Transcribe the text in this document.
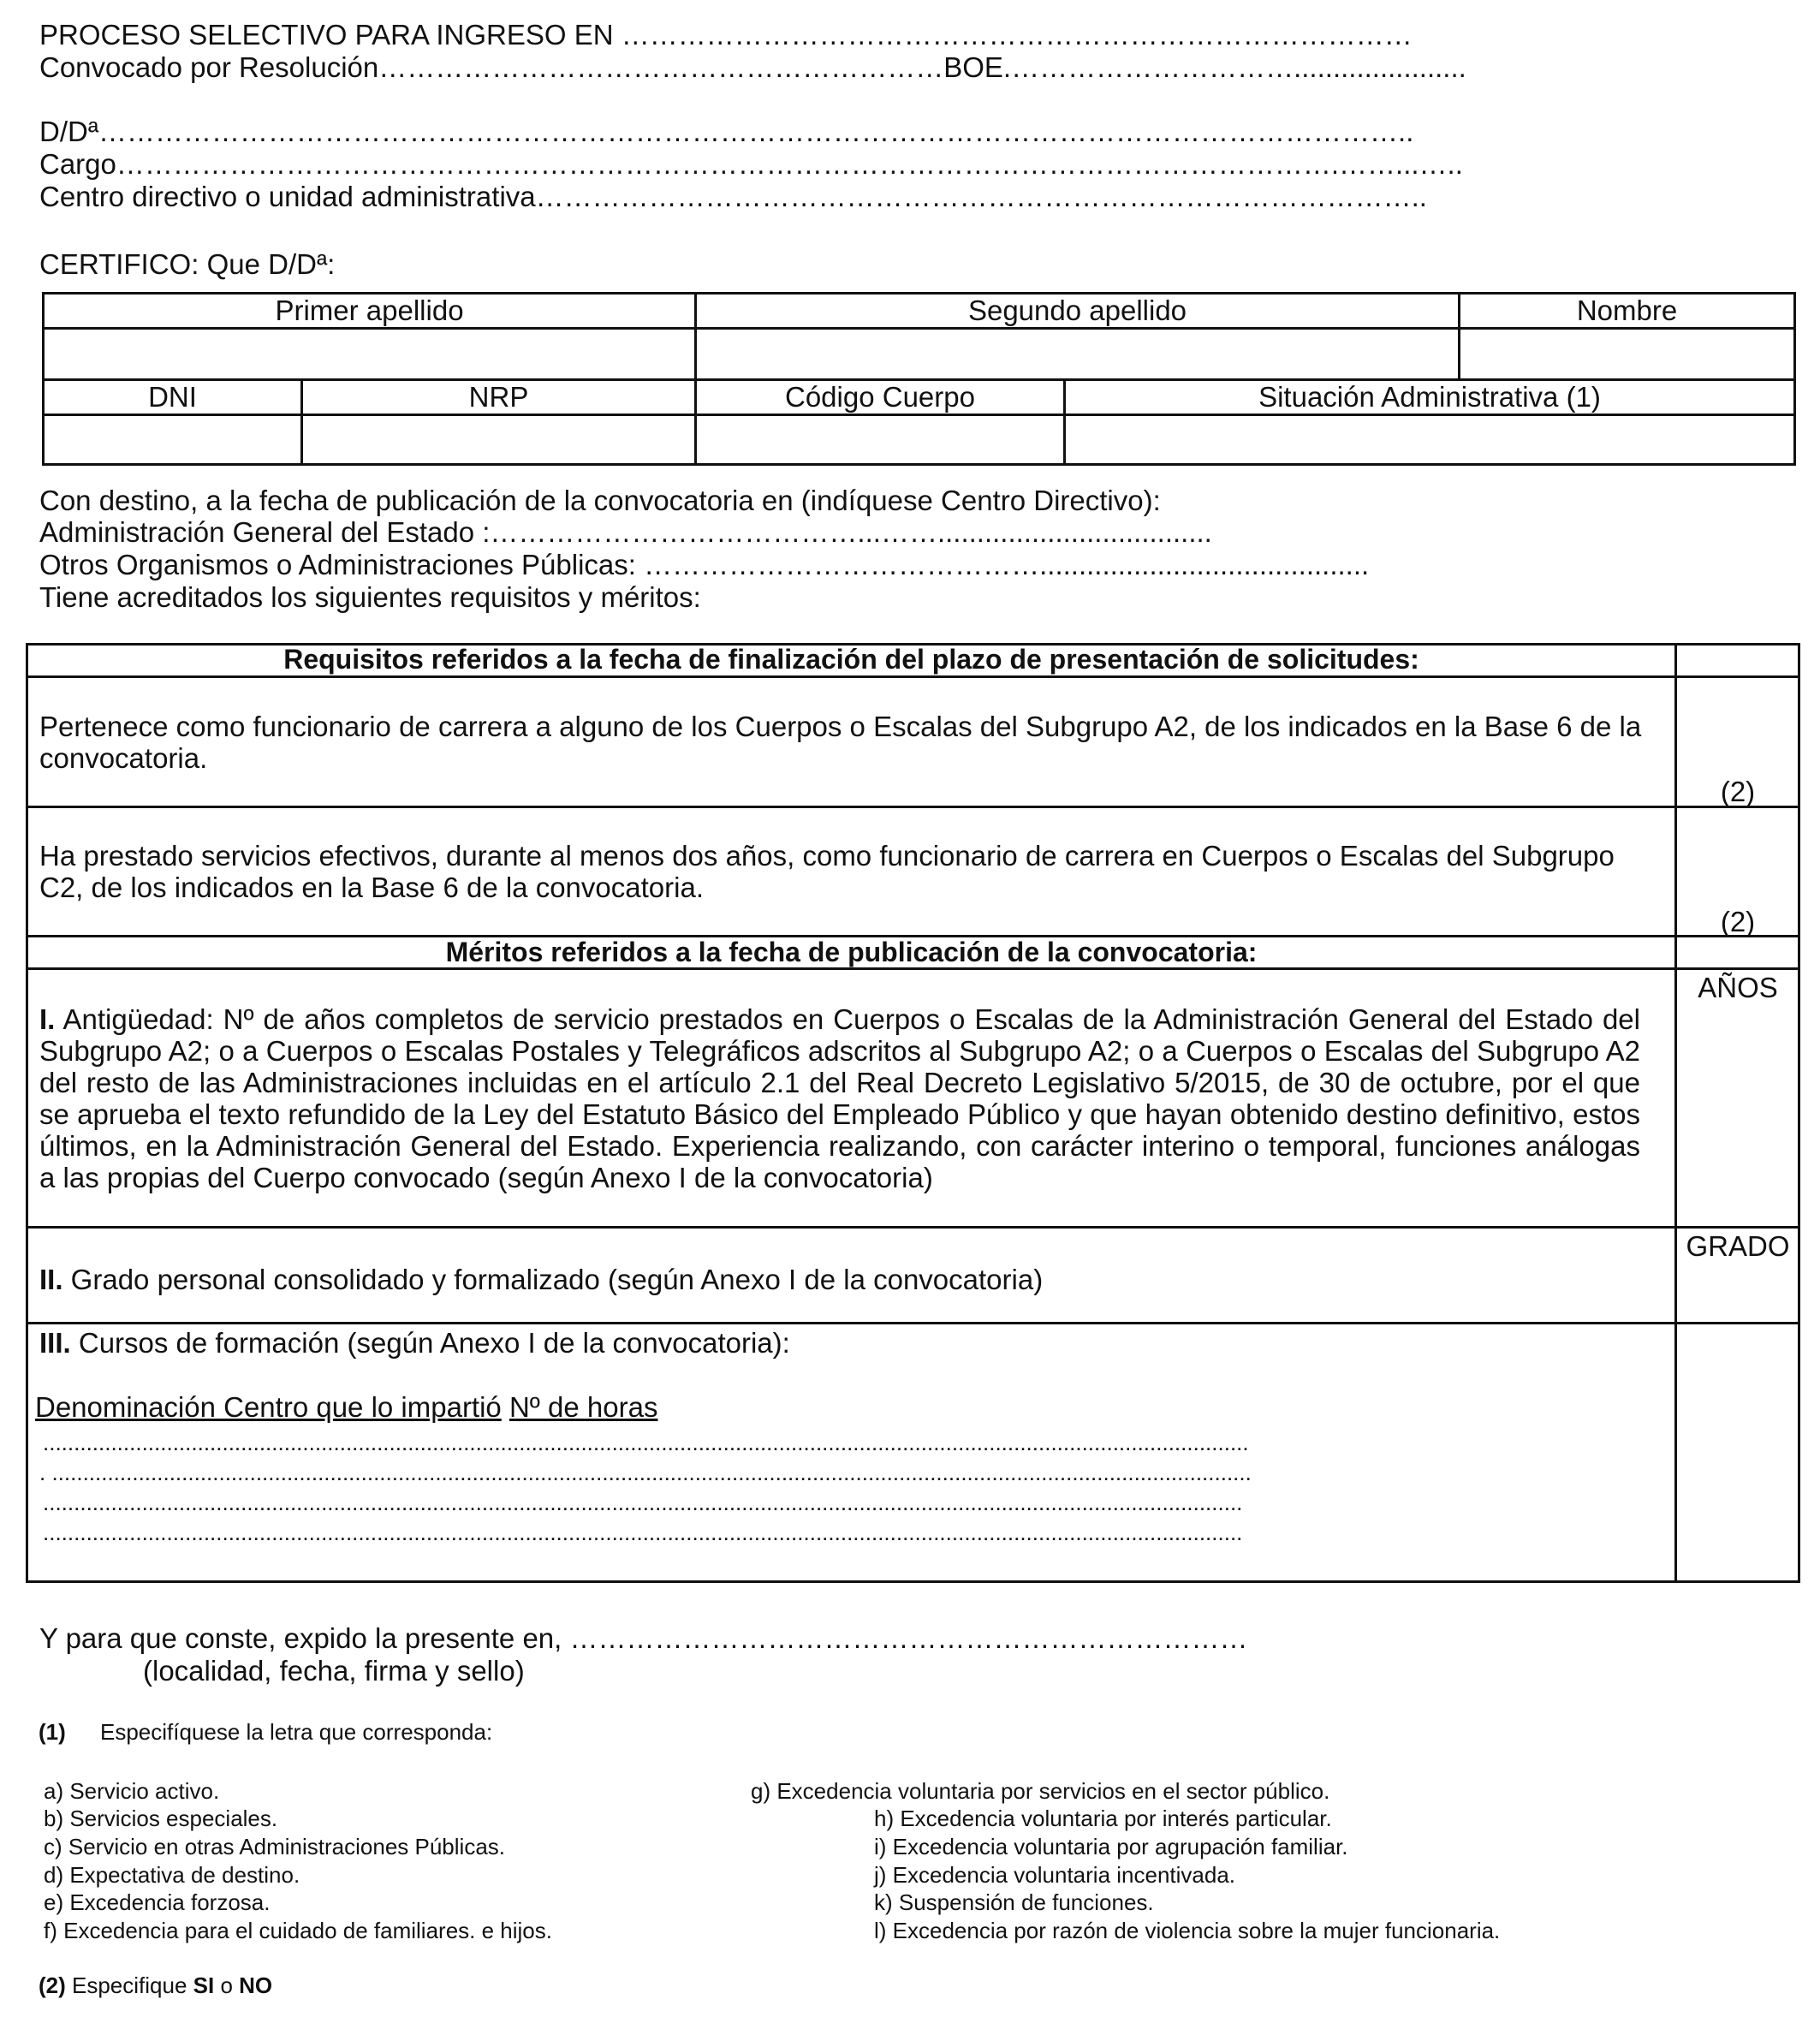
PROCESO SELECTIVO PARA INGRESO EN …………………………………………………………………………
Convocado por Resolución……………………………………………………BOE.…………………………......................
D/Dª…………………………………………………………………………………………………………………………..
Cargo………………………………………………………………………………………………………………….……...…..
Centro directivo o unidad administrativa…………………………………………………………………………………..
CERTIFICO: Que D/Dª:
Primer apellido		Segundo apellido		Nombre

DNI	NRP	Código Cuerpo	Situación Administrativa (1)	

Con destino, a la fecha de publicación de la convocatoria en (indíquese Centro Directivo):
Administración General del Estado :…………………………………...……...................................
Otros Organismos o Administraciones Públicas: ……………………………………..........................................
Tiene acreditados los siguientes requisitos y méritos:
Requisitos referidos a la fecha de finalización del plazo de presentación de solicitudes:
Pertenece como funcionario de carrera a alguno de los Cuerpos o Escalas del Subgrupo A2, de los indicados en la Base 6 de la convocatoria.
(2)
Ha prestado servicios efectivos, durante al menos dos años, como funcionario de carrera en Cuerpos o Escalas del Subgrupo C2, de los indicados en la Base 6 de la convocatoria.
(2)
Méritos referidos a la fecha de publicación de la convocatoria:
I. Antigüedad: Nº de años completos de servicio prestados en Cuerpos o Escalas de la Administración General del Estado del Subgrupo A2; o a Cuerpos o Escalas Postales y Telegráficos adscritos al Subgrupo A2; o a Cuerpos o Escalas del Subgrupo A2 del resto de las Administraciones incluidas en el artículo 2.1 del Real Decreto Legislativo 5/2015, de 30 de octubre, por el que se aprueba el texto refundido de la Ley del Estatuto Básico del Empleado Público y que hayan obtenido destino definitivo, estos últimos, en la Administración General del Estado. Experiencia realizando, con carácter interino o temporal, funciones análogas a las propias del Cuerpo convocado (según Anexo I de la convocatoria)
AÑOS
II. Grado personal consolidado y formalizado (según Anexo I de la convocatoria)
GRADO
III. Cursos de formación (según Anexo I de la convocatoria):
Denominación Centro que lo impartió Nº de horas
...................................................................................................................................................................................................
. ..................................................................................................................................................................................................
..................................................................................................................................................................................................
..................................................................................................................................................................................................
Y para que conste, expido la presente en, ………………………………………………………………
(localidad, fecha, firma y sello)
(1) Especifíquese la letra que corresponda:
a) Servicio activo.
b) Servicios especiales.
c) Servicio en otras Administraciones Públicas.
d) Expectativa de destino.
e) Excedencia forzosa.
f) Excedencia para el cuidado de familiares. e hijos.
g) Excedencia voluntaria por servicios en el sector público.
h) Excedencia voluntaria por interés particular.
i) Excedencia voluntaria por agrupación familiar.
j) Excedencia voluntaria incentivada.
k) Suspensión de funciones.
l) Excedencia por razón de violencia sobre la mujer funcionaria.
(2) Especifique SI o NO
